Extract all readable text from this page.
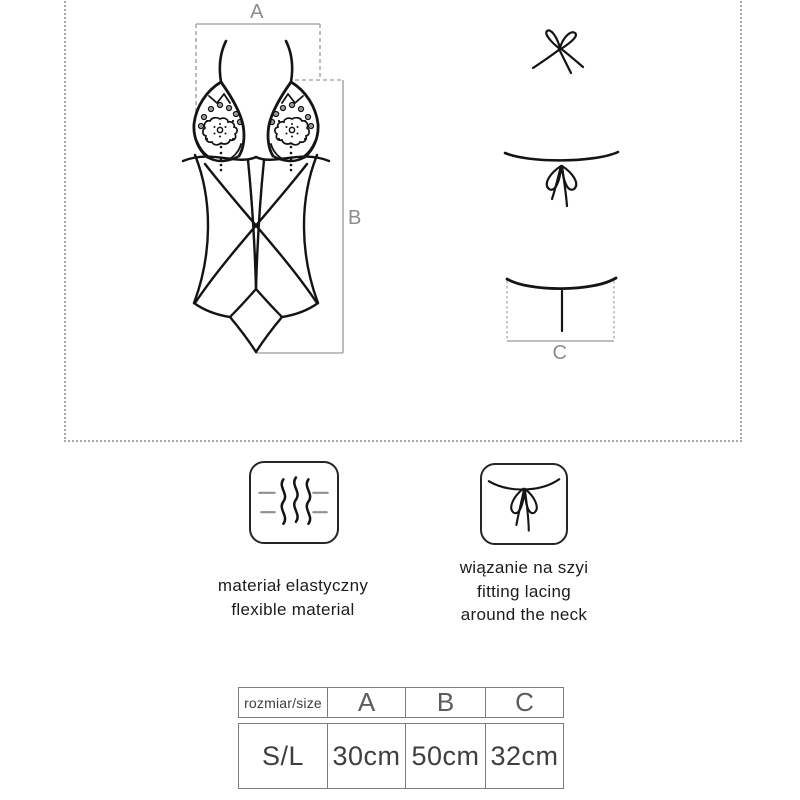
A
B
C
materiał elastyczny
flexible material
wiązanie na szyi
fitting lacing
around the neck
rozmiar/size	A	B	C
S/L	30cm 50cm 32cm
